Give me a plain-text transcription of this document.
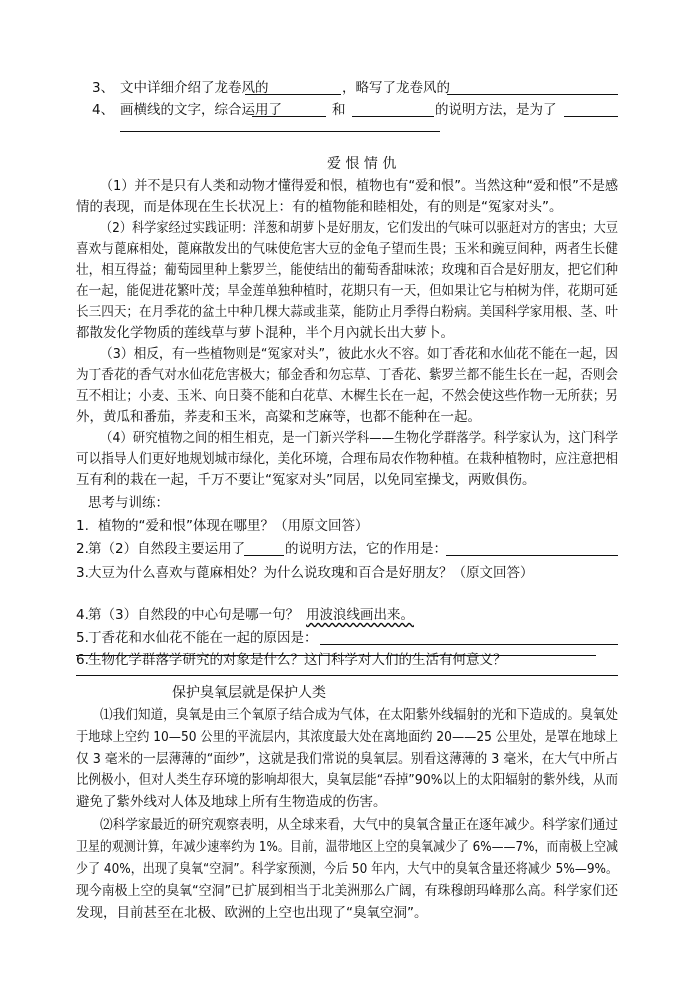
3、 文中详细介绍了龙卷风的	，略写了龙卷风的
4、 画横线的文字，综合运用了	和	的说明方法，是为了
爱 恨 情 仇
（1）并不是只有人类和动物才懂得爱和恨，植物也有“爱和恨”。当然这种“爱和恨”不是感
情的表现，而是体现在生长状况上：有的植物能和睦相处，有的则是“冤家对头”。
（2）科学家经过实践证明：洋葱和胡萝卜是好朋友，它们发出的气味可以驱赶对方的害虫；大豆
喜欢与蓖麻相处，蓖麻散发出的气味使危害大豆的金龟子望而生畏；玉米和豌豆间种，两者生长健
壮，相互得益；葡萄园里种上紫罗兰，能使结出的葡萄香甜味浓；玫瑰和百合是好朋友，把它们种
在一起，能促进花繁叶茂；旱金莲单独种植时，花期只有一天，但如果让它与柏树为伴，花期可延
长三四天；在月季花的盆土中种几棵大蒜或韭菜，能防止月季得白粉病。美国科学家用根、茎、叶
都散发化学物质的莲线草与萝卜混种，半个月內就长出大萝卜。
（3）相反，有一些植物则是“冤家对头”，彼此水火不容。如丁香花和水仙花不能在一起，因
为丁香花的香气对水仙花危害极大；郁金香和勿忘草、丁香花、紫罗兰都不能生长在一起，否则会
互不相让；小麦、玉米、向日葵不能和白花草、木樨生长在一起，不然会使这些作物一无所获；另
外，黄瓜和番茄，荞麦和玉米，高粱和芝麻等，也都不能种在一起。
（4）研究植物之间的相生相克，是一门新兴学科——生物化学群落学。科学家认为，这门科学
可以指导人们更好地规划城市绿化，美化环境，合理布局农作物种植。在栽种植物时，应注意把相
互有利的栽在一起，千万不要让“冤家对头”同居，以免同室操戈，两败俱伤。
思考与训练：
1. 植物的“爱和恨”体现在哪里？（用原文回答）
2. 第（2）自然段主要运用了	的说明方法，它的作用是：
3. 大豆为什么喜欢与蓖麻相处？为什么说玫瑰和百合是好朋友？（原文回答）
4. 第（3）自然段的中心句是哪一句？ 用波浪线画出来。
5. 丁香花和水仙花不能在一起的原因是：
6. 生物化学群落学研究的对象是什么？这门科学对人们的生活有何意义？
保护臭氧层就是保护人类
⑴我们知道，臭氧是由三个氧原子结合成为气体，在太阳紫外线辐射的光和下造成的。臭氧处
于地球上空约 10—50 公里的平流层内，其浓度最大处在离地面约 20——25 公里处，是罩在地球上
仅 3 毫米的一层薄薄的“面纱”，这就是我们常说的臭氧层。别看这薄薄的 3 毫米，在大气中所占
比例极小，但对人类生存环境的影响却很大，臭氧层能“吞掉”90%以上的太阳辐射的紫外线，从而
避免了紫外线对人体及地球上所有生物造成的伤害。
⑵科学家最近的研究观察表明，从全球来看，大气中的臭氧含量正在逐年减少。科学家们通过
卫星的观测计算，年减少速率约为 1%。目前，温带地区上空的臭氧减少了 6%——7%，而南极上空减
少了 40%，出现了臭氧“空洞”。科学家预测，今后 50 年内，大气中的臭氧含量还将减少 5%—9%。
现今南极上空的臭氧“空洞”已扩展到相当于北美洲那么广阔，有珠穆朗玛峰那么高。科学家们还
发现，目前甚至在北极、欧洲的上空也出现了“臭氧空洞”。
